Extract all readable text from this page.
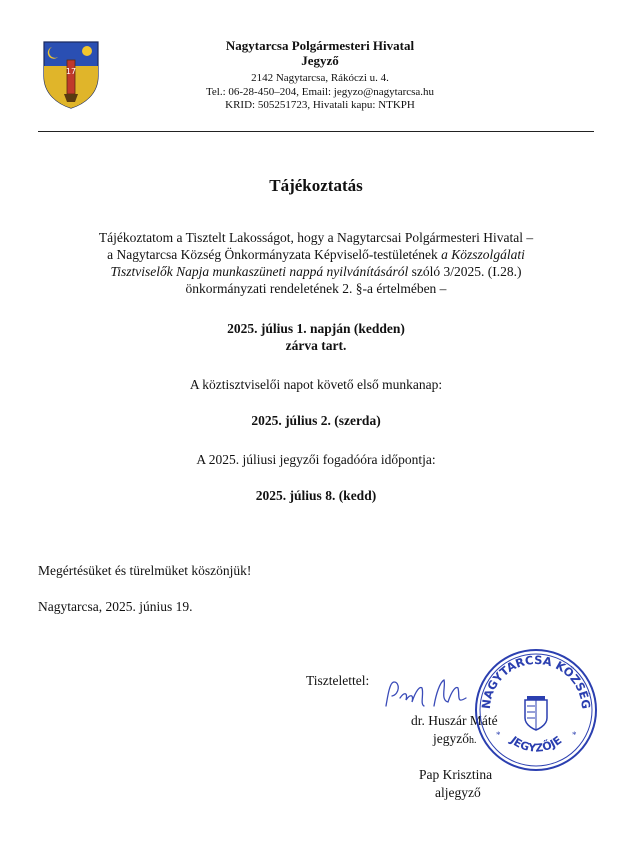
17
Nagytarcsa Polgármesteri Hivatal
Jegyző
2142 Nagytarcsa, Rákóczi u. 4.
Tel.: 06-28-450–204, Email: jegyzo@nagytarcsa.hu
KRID: 505251723, Hivatali kapu: NTKPH
Tájékoztatás
Tájékoztatom a Tisztelt Lakosságot, hogy a Nagytarcsai Polgármesteri Hivatal –
a Nagytarcsa Község Önkormányzata Képviselő-testületének a Közszolgálati
Tisztviselők Napja munkaszüneti nappá nyilvánításáról szóló 3/2025. (I.28.)
önkormányzati rendeletének 2. §-a értelmében –
2025. július 1. napján (kedden)
zárva tart.
A köztisztviselői napot követő első munkanap:
2025. július 2. (szerda)
A 2025. júliusi jegyzői fogadóóra időpontja:
2025. július 8. (kedd)
Megértésüket és türelmüket köszönjük!
Nagytarcsa, 2025. június 19.
Tisztelettel:
dr. Huszár Máté
jegyzőh.
Pap Krisztina
aljegyző
NAGYTARCSA KÖZSÉG
JEGYZŐJE
*	*
